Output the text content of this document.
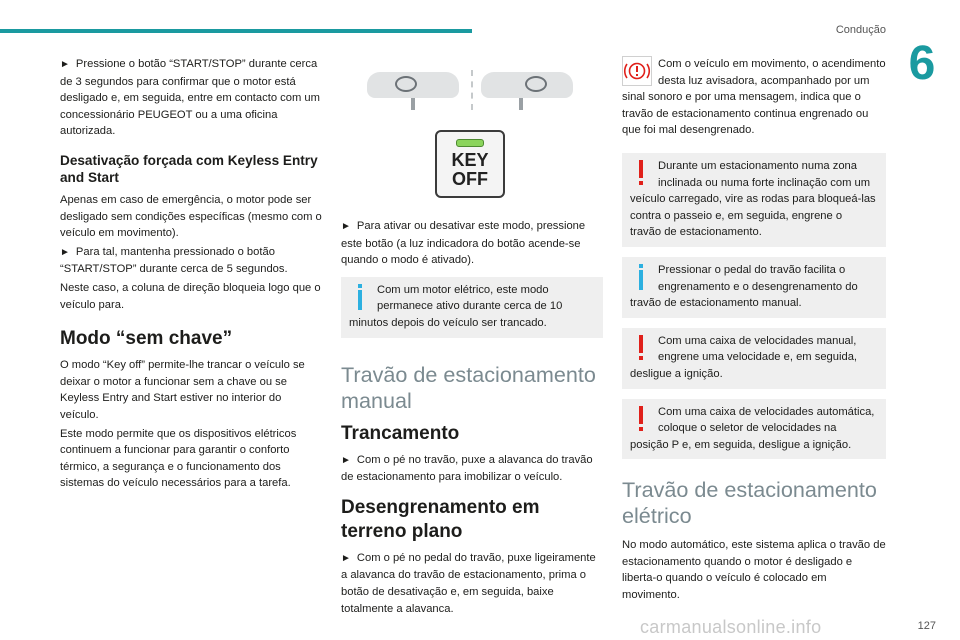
Condução
6

► Pressione o botão “START/STOP” durante cerca de 3 segundos para confirmar que o motor está desligado e, em seguida, entre em contacto com um concessionário PEUGEOT ou a uma oficina autorizada.

Desativação forçada com Keyless Entry and Start

Apenas em caso de emergência, o motor pode ser desligado sem condições específicas (mesmo com o veículo em movimento).

► Para tal, mantenha pressionado o botão “START/STOP” durante cerca de 5 segundos.

Neste caso, a coluna de direção bloqueia logo que o veículo para.

Modo “sem chave”

O modo “Key off” permite-lhe trancar o veículo se deixar o motor a funcionar sem a chave ou se Keyless Entry and Start estiver no interior do veículo.

Este modo permite que os dispositivos elétricos continuem a funcionar para garantir o conforto térmico, a segurança e o funcionamento dos sistemas do veículo necessários para a tarefa.

KEY
OFF

► Para ativar ou desativar este modo, pressione este botão (a luz indicadora do botão acende-se quando o modo é ativado).

Com um motor elétrico, este modo permanece ativo durante cerca de 10 minutos depois do veículo ser trancado.

Travão de estacionamento manual
Trancamento

► Com o pé no travão, puxe a alavanca do travão de estacionamento para imobilizar o veículo.

Desengrenamento em terreno plano

► Com o pé no pedal do travão, puxe ligeiramente a alavanca do travão de estacionamento, prima o botão de desativação e, em seguida, baixe totalmente a alavanca.

Com o veículo em movimento, o acendimento desta luz avisadora, acompanhado por um sinal sonoro e por uma mensagem, indica que o travão de estacionamento continua engrenado ou que foi mal desengrenado.

Durante um estacionamento numa zona inclinada ou numa forte inclinação com um veículo carregado, vire as rodas para bloqueá-las contra o passeio e, em seguida, engrene o travão de estacionamento.

Pressionar o pedal do travão facilita o engrenamento e o desengrenamento do travão de estacionamento manual.

Com uma caixa de velocidades manual, engrene uma velocidade e, em seguida, desligue a ignição.

Com uma caixa de velocidades automática, coloque o seletor de velocidades na posição P e, em seguida, desligue a ignição.

Travão de estacionamento elétrico

No modo automático, este sistema aplica o travão de estacionamento quando o motor é desligado e liberta-o quando o veículo é colocado em movimento.

carmanualsonline.info	127
